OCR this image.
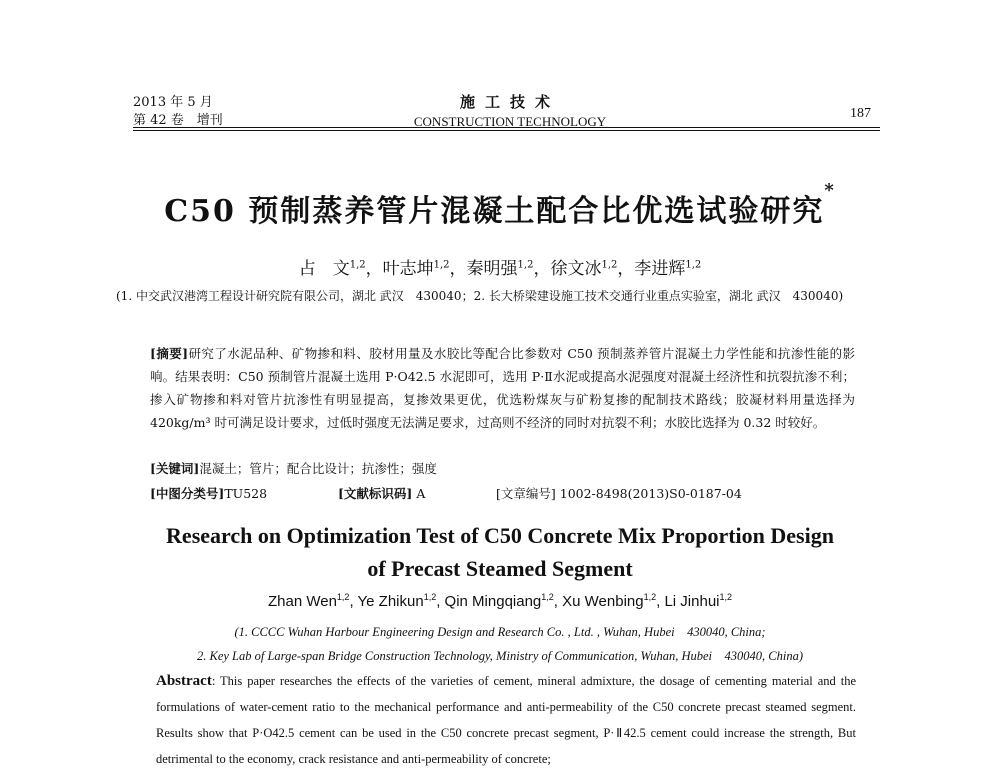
2013 年 5 月
第 42 卷　增刊
施工技术
CONSTRUCTION TECHNOLOGY
187
C50 预制蒸养管片混凝土配合比优选试验研究*
占　文$^{1,2}$，叶志坤$^{1,2}$，秦明强$^{1,2}$，徐文冰$^{1,2}$，李进辉$^{1,2}$
(1. 中交武汉港湾工程设计研究院有限公司，湖北 武汉　430040；2. 长大桥梁建设施工技术交通行业重点实验室，湖北 武汉　430040)
[摘要]研究了水泥品种、矿物掺和料、胶材用量及水胶比等配合比参数对 C50 预制蒸养管片混凝土力学性能和抗渗性能的影响。结果表明：C50 预制管片混凝土选用 P·O42.5 水泥即可，选用 P·Ⅱ水泥或提高水泥强度对混凝土经济性和抗裂抗渗不利；掺入矿物掺和料对管片抗渗性有明显提高，复掺效果更优，优选粉煤灰与矿粉复掺的配制技术路线；胶凝材料用量选择为 420kg/m³ 时可满足设计要求，过低时强度无法满足要求，过高则不经济的同时对抗裂不利；水胶比选择为 0.32 时较好。
[关键词]混凝土；管片；配合比设计；抗渗性；强度
[中图分类号]TU528	[文献标识码] A	[文章编号] 1002-8498(2013)S0-0187-04
Research on Optimization Test of C50 Concrete Mix Proportion Design
of Precast Steamed Segment
Zhan Wen$^{1,2}$, Ye Zhikun$^{1,2}$, Qin Mingqiang$^{1,2}$, Xu Wenbing$^{1,2}$, Li Jinhui$^{1,2}$
(1. CCCC Wuhan Harbour Engineering Design and Research Co. , Ltd. , Wuhan, Hubei　430040, China;
2. Key Lab of Large-span Bridge Construction Technology, Ministry of Communication, Wuhan, Hubei　430040, China)
Abstract: This paper researches the effects of the varieties of cement, mineral admixture, the dosage of cementing material and the formulations of water-cement ratio to the mechanical performance and anti-permeability of the C50 concrete precast steamed segment. Results show that P·O42.5 cement can be used in the C50 concrete precast segment, P·Ⅱ42.5 cement could increase the strength, But detrimental to the economy, crack resistance and anti-permeability of concrete;
